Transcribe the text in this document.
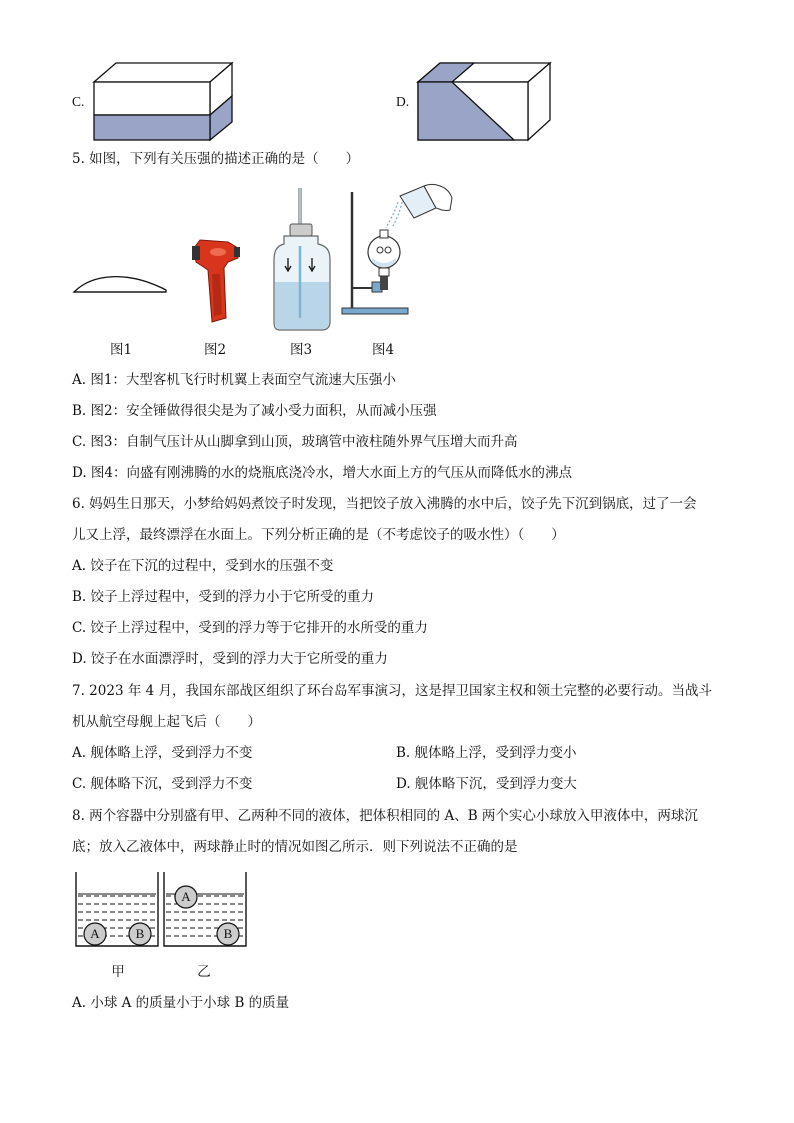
C.	D.
5. 如图，下列有关压强的描述正确的是（　　）
图1	图2	图3	图4
A. 图1：大型客机飞行时机翼上表面空气流速大压强小
B. 图2：安全锤做得很尖是为了减小受力面积，从而减小压强
C. 图3：自制气压计从山脚拿到山顶，玻璃管中液柱随外界气压增大而升高
D. 图4：向盛有刚沸腾的水的烧瓶底浇冷水，增大水面上方的气压从而降低水的沸点
6. 妈妈生日那天，小梦给妈妈煮饺子时发现，当把饺子放入沸腾的水中后，饺子先下沉到锅底，过了一会
儿又上浮，最终漂浮在水面上。下列分析正确的是（不考虑饺子的吸水性）（　　）
A. 饺子在下沉的过程中，受到水的压强不变
B. 饺子上浮过程中，受到的浮力小于它所受的重力
C. 饺子上浮过程中，受到的浮力等于它排开的水所受的重力
D. 饺子在水面漂浮时，受到的浮力大于它所受的重力
7. 2023 年 4 月，我国东部战区组织了环台岛军事演习，这是捍卫国家主权和领土完整的必要行动。当战斗
机从航空母舰上起飞后（　　）
A. 舰体略上浮，受到浮力不变	B. 舰体略上浮，受到浮力变小
C. 舰体略下沉，受到浮力不变	D. 舰体略下沉，受到浮力变大
8. 两个容器中分别盛有甲、乙两种不同的液体，把体积相同的 A、B 两个实心小球放入甲液体中，两球沉
底；放入乙液体中，两球静止时的情况如图乙所示．则下列说法不正确的是
A	B
A
B
甲	乙
A. 小球 A 的质量小于小球 B 的质量
